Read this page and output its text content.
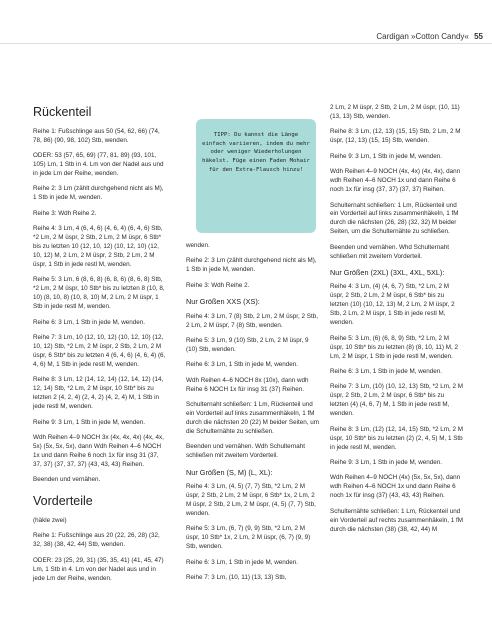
Cardigan »Cotton Candy« 55
Rückenteil

Reihe 1: Fußschlinge aus 50 (54, 62, 66) (74, 78, 86) (90, 98, 102) Stb, wenden.

ODER: 53 (57, 65, 69) (77, 81, 89) (93, 101, 105) Lm, 1 Stb in 4. Lm von der Nadel aus und in jede Lm der Reihe, wenden.

Reihe 2: 3 Lm (zählt durchgehend nicht als M), 1 Stb in jede M, wenden.

Reihe 3: Wdh Reihe 2.

Reihe 4: 3 Lm, 4 (6, 4, 6) (4, 6, 4) (6, 4, 6) Stb, *2 Lm, 2 M üspr, 2 Stb, 2 Lm, 2 M üspr, 6 Stb* bis zu letzten 10 (12, 10, 12) (10, 12, 10) (12, 10, 12) M, 2 Lm, 2 M üspr, 2 Stb, 2 Lm, 2 M üspr, 1 Stb in jede restl M, wenden.

Reihe 5: 3 Lm, 6 (8, 6, 8) (6, 8, 6) (8, 6, 8) Stb, *2 Lm, 2 M üspr, 10 Stb* bis zu letzten 8 (10, 8, 10) (8, 10, 8) (10, 8, 10) M, 2 Lm, 2 M üspr, 1 Stb in jede restl M, wenden.

Reihe 6: 3 Lm, 1 Stb in jede M, wenden.

Reihe 7: 3 Lm, 10 (12, 10, 12) (10, 12, 10) (12, 10, 12) Stb, *2 Lm, 2 M üspr, 2 Stb, 2 Lm, 2 M üspr, 6 Stb* bis zu letzten 4 (6, 4, 6) (4, 6, 4) (6, 4, 6) M, 1 Stb in jede restl M, wenden.

Reihe 8: 3 Lm, 12 (14, 12, 14) (12, 14, 12) (14, 12, 14) Stb, *2 Lm, 2 M üspr, 10 Stb* bis zu letzten 2 (4, 2, 4) (2, 4, 2) (4, 2, 4) M, 1 Stb in jede restl M, wenden.

Reihe 9: 3 Lm, 1 Stb in jede M, wenden.

Wdh Reihen 4–9 NOCH 3x (4x, 4x, 4x) (4x, 4x, 5x) (5x, 5x, 5x), dann Wdh Reihen 4–6 NOCH 1x und dann Reihe 6 noch 1x für insg 31 (37, 37, 37) (37, 37, 37) (43, 43, 43) Reihen.

Beenden und vernähen.

Vorderteile

(häkle zwei)

Reihe 1: Fußschlinge aus 20 (22, 26, 28) (32, 32, 38) (38, 42, 44) Stb, wenden.

ODER: 23 (25, 29, 31) (35, 35, 41) (41, 45, 47) Lm, 1 Stb in 4. Lm von der Nadel aus und in jede Lm der Reihe, wenden.

TIPP: Du kannst die Länge einfach variieren, indem du mehr oder weniger Wiederholungen häkelst. Füge einen Faden Mohair für den Extra-Flausch hinzu!

wenden.

Reihe 2: 3 Lm (zählt durchgehend nicht als M), 1 Stb in jede M, wenden.

Reihe 3: Wdh Reihe 2.

Nur Größen XXS (XS):

Reihe 4: 3 Lm, 7 (8) Stb, 2 Lm, 2 M üspr, 2 Stb, 2 Lm, 2 M üspr, 7 (8) Stb, wenden.

Reihe 5: 3 Lm, 9 (10) Stb, 2 Lm, 2 M üspr, 9 (10) Stb, wenden.

Reihe 6: 3 Lm, 1 Stb in jede M, wenden.

Wdh Reihen 4–6 NOCH 8x (10x), dann wdh Reihe 6 NOCH 1x für insg 31 (37) Reihen.

Schulternaht schließen: 1 Lm, Rückenteil und ein Vorderteil auf links zusammenhäkeln, 1 fM durch die nächsten 20 (22) M beider Seiten, um die Schulternähte zu schließen.

Beenden und vernähen. Wdh Schulternaht schließen mit zweitem Vorderteil.

Nur Größen (S, M) (L, XL):

Reihe 4: 3 Lm, (4, 5) (7, 7) Stb, *2 Lm, 2 M üspr, 2 Stb, 2 Lm, 2 M üspr, 6 Stb* 1x, 2 Lm, 2 M üspr, 2 Stb, 2 Lm, 2 M üspr, (4, 5) (7, 7) Stb, wenden.

Reihe 5: 3 Lm, (6, 7) (9, 9) Stb, *2 Lm, 2 M üspr, 10 Stb* 1x, 2 Lm, 2 M üspr, (6, 7) (9, 9) Stb, wenden.

Reihe 6: 3 Lm, 1 Stb in jede M, wenden.

Reihe 7: 3 Lm, (10, 11) (13, 13) Stb,

2 Lm, 2 M üspr, 2 Stb, 2 Lm, 2 M üspr, (10, 11) (13, 13) Stb, wenden.

Reihe 8: 3 Lm, (12, 13) (15, 15) Stb, 2 Lm, 2 M üspr, (12, 13) (15, 15) Stb, wenden.

Reihe 9: 3 Lm, 1 Stb in jede M, wenden.

Wdh Reihen 4–9 NOCH (4x, 4x) (4x, 4x), dann wdh Reihen 4–6 NOCH 1x und dann Reihe 6 noch 1x für insg (37, 37) (37, 37) Reihen.

Schulternaht schließen: 1 Lm, Rückenteil und ein Vorderteil auf links zusammenhäkeln, 1 fM durch die nächsten (26, 28) (32, 32) M beider Seiten, um die Schulternähte zu schließen.

Beenden und vernähen. Whd Schulternaht schließen mit zweitem Vorderteil.

Nur Größen (2XL) (3XL, 4XL, 5XL):

Reihe 4: 3 Lm, (4) (4, 6, 7) Stb, *2 Lm, 2 M üspr, 2 Stb, 2 Lm, 2 M üspr, 6 Stb* bis zu letzten (10) (10, 12, 13) M, 2 Lm, 2 M üspr, 2 Stb, 2 Lm, 2 M üspr, 1 Stb in jede restl M, wenden.

Reihe 5: 3 Lm, (6) (6, 8, 9) Stb, *2 Lm, 2 M üspr, 10 Stb* bis zu letzten (8) (8, 10, 11) M, 2 Lm, 2 M üspr, 1 Stb in jede restl M, wenden.

Reihe 6: 3 Lm, 1 Stb in jede M, wenden.

Reihe 7: 3 Lm, (10) (10, 12, 13) Stb, *2 Lm, 2 M üspr, 2 Stb, 2 Lm, 2 M üspr, 6 Stb* bis zu letzten (4) (4, 6, 7) M, 1 Stb in jede restl M, wenden.

Reihe 8: 3 Lm, (12) (12, 14, 15) Stb, *2 Lm, 2 M üspr, 10 Stb* bis zu letzten (2) (2, 4, 5) M, 1 Stb in jede restl M, wenden.

Reihe 9: 3 Lm, 1 Stb in jede M, wenden.

Wdh Reihen 4–9 NOCH (4x) (5x, 5x, 5x), dann wdh Reihen 4–6 NOCH 1x und dann Reihe 6 noch 1x für insg (37) (43, 43, 43) Reihen.

Schulternähte schließen: 1 Lm, Rückenteil und ein Vorderteil auf rechts zusammenhäkeln, 1 fM durch die nächsten (38) (38, 42, 44) M
